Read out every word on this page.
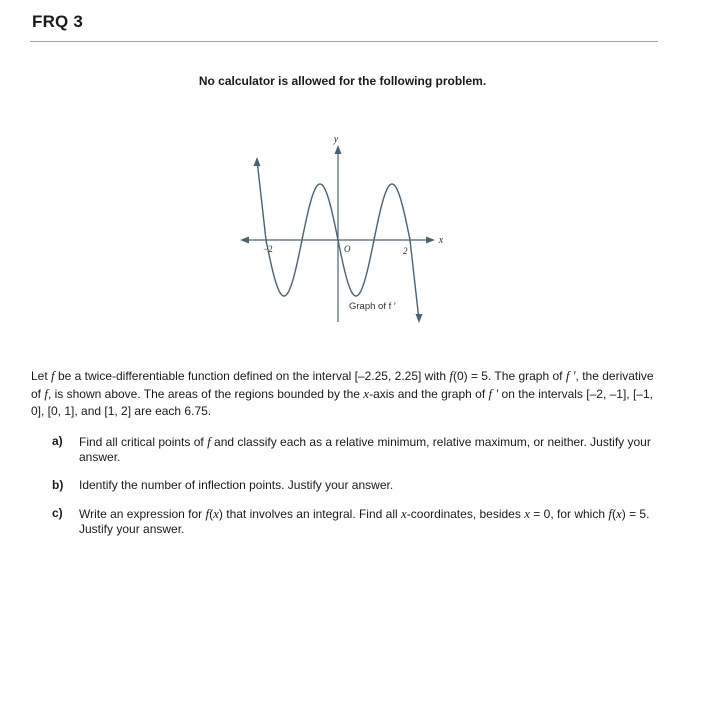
FRQ 3
No calculator is allowed for the following problem.
y
x
O
−2	2
Graph of f ′

Let f be a twice-differentiable function defined on the interval [–2.25, 2.25] with f(0) = 5. The graph of f ′, the derivative of f, is shown above. The areas of the regions bounded by the x-axis and the graph of f ′ on the intervals [–2, –1], [–1, 0], [0, 1], and [1, 2] are each 6.75.

a)	Find all critical points of f and classify each as a relative minimum, relative maximum, or neither. Justify your answer.
b)	Identify the number of inflection points. Justify your answer.
c)	Write an expression for f(x) that involves an integral. Find all x-coordinates, besides x = 0, for which f(x) = 5. Justify your answer.
